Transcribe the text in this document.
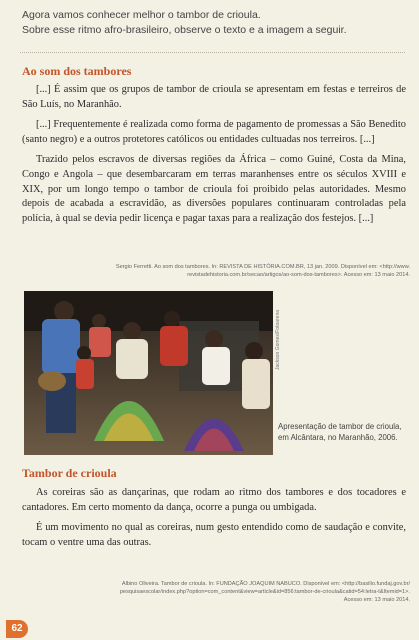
Agora vamos conhecer melhor o tambor de crioula.

Sobre esse ritmo afro-brasileiro, observe o texto e a imagem a seguir.

Ao som dos tambores

[...] É assim que os grupos de tambor de crioula se apresentam em festas e terreiros de São Luís, no Maranhão.

[...] Frequentemente é realizada como forma de pagamento de promessas a São Benedito (santo negro) e a outros protetores católicos ou entidades cultuadas nos terreiros. [...]

Trazido pelos escravos de diversas regiões da África – como Guiné, Costa da Mina, Congo e Angola – que desembarcaram em terras maranhenses entre os séculos XVIII e XIX, por um longo tempo o tambor de crioula foi proibido pelas autoridades. Mesmo depois de acabada a escravidão, as diversões populares continuaram controladas pela polícia, à qual se devia pedir licença e pagar taxas para a realização dos festejos. [...]

Sergio Ferretti. Ao som dos tambores. In: REVISTA DE HISTÓRIA.COM.BR, 13 jan. 2009. Disponível em: <http://www.
revistadehistoria.com.br/secao/artigos/ao-som-dos-tambores>. Acesso em: 13 maio 2014.
Jackson Gomes/Fotoarena
Apresentação de tambor de crioula, em Alcântara, no Maranhão, 2006.
Tambor de crioula

As coreiras são as dançarinas, que rodam ao ritmo dos tambores e dos tocadores e cantadores. Em certo momento da dança, ocorre a punga ou umbigada.

É um movimento no qual as coreiras, num gesto entendido como de saudação e convite, tocam o ventre uma das outras.

Albino Oliveira. Tambor de crioula. In: FUNDAÇÃO JOAQUIM NABUCO. Disponível em: <http://basilio.fundaj.gov.br/
pesquisaescolar/index.php?option=com_content&view=article&id=856:tambor-de-crioula&catid=54:letra-t&Itemid=1>.
Acesso em: 13 maio 2014.
62
